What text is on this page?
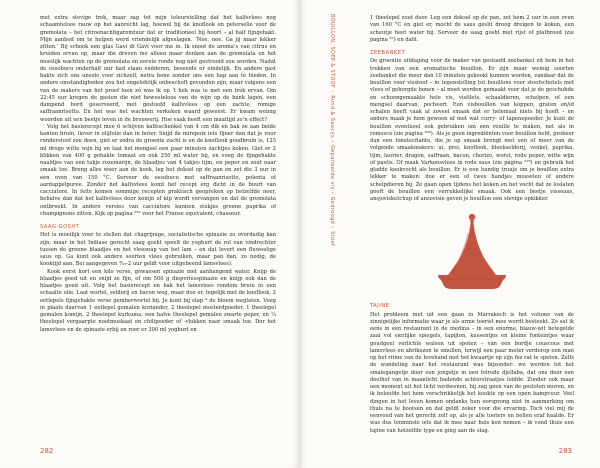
met extra stevige trek, maar zag tot mijn teleurstelling dat het kalfsvlees nog schaamteloos rauw op het aanrecht lag, hoewel bij de knoflook en peterselie voor de gremolata – het citroenachtigaromtuur dat er traditioneel bij hoort – al half fijngehakt. Mijn aanbod om te helpen werd vriendelijk afgeslagen. ‘Nee, nee. Ga jij maar lekker zitten.’ Bij schook een glas Gavi di Gavi voor me in. Ik snoof de aroma’s van citrus en kruiden ervan op, maar die dreven me alleen maar denken aan de gremolata en het moeilijk wachten op de gremolata en eerste ronde nog niet gestrooid zou worden. Nadat de ossobuco onderhalf uur had staan sudderen, beseeide er eindelijk. En andere gast bakte zich ons unsolo voor zichzelf, netra bone zonder ons een hap aan te bieden. In andere omstandigheden zou het ongelofelijk onbeschoft gevonden zijn, maar volgens een van de makers van het proef loen zó was ik op ‘t hek was ie met een trek ervan. Om 22:45 uur kregen de gasten die niet bewusteloos van de wijn op de bank lagen, een dampend bord geserveerd, met gestoofd kalfsvlees op een zachte, romige saffraanrisotto. En het was het wachten verkeken waard geweest. Er kwam weinig woorden uit een beetje leven in de brouwerij. Hoe vaak heeft een maaltijd zo’n effect?

Volg het basisrecept mee 6 schijven kalfsschenkel van 4 cm dik en bak ze aan beide kanten bruin, liever in olijfolie dan in boter. Snijd de mirepoix iets fijner dan dat je voor runderstoof zou doen, giet er zodra de groente zacht is en de knoflook goudbruin is, 125 ml droge witte wijn bij en laat het mengsel een paar minuten zachtjes koken. Giet er 2 blikken van 400 g gehakte tomaat en ook 250 ml water bij, en voeg de fijngehakte naaldjes van een takje rozemarijn, de blaadjes van 4 takjes tijm, en peper en zout naar smaak toe. Breng alles weer aan de kook, leg het deksel op de pan en zet die 3 uur in een oven van 150 °C. Serveer de ossobuco met saffraanrisotto, polenta of aardappelpuree. Zonder het kalfsvlees komt het recept erg dicht in de buurt van cacciatore. In feite komen sommige recepten praktisch geopreken op hetzelfde neer, behalve dan dat het kalfsvlees door konijn of kip wordt vervangen en dat de gremolata ontbreekt. In andere versies van cacciatore kunnen stukjes groene paprika of champignons zitten. Kijk op pagina ²⁵² voor het Franse equivalent, chasseur.

SAAG GOSHT

Het is moeilijk voor te stellen dat chagrijnige, socialistische spinazie zo overdadig kan zijn, maar in het Indiase gerecht saag gosht speelt de yoghurt de rol van vindrechter tussen de groene blaadjes en het vleesnap van het lam – en dat levert een fluweelige saus op. Ga kunt ook andere soorten vlees gebruiken, maar pan dan, zo nodig, de kooktijd aan. Bei aangegeven ³⁄₁₅-2 uur geldt voor uitgebeend lamsvlees).

Kook eerst kort een kilo verse, gewassen spinazie met aanhangend water. Knijp de blaadjes goed uit en snijd ze fijn, of om 500 g diepvriesspinazie en knijp ook dan de blaadjes goed uit. Volg het basisrecept en bak het lamsvlees rondom bruin in een schaalte olie. Laat wortel, selderij en bacon weg, maar doe er, tegelijk met de knoflook, 2 eetlepels fijngehakte verse gemberwortel bij. Je kunt bij stap ³ de bloem weglaten. Voeg in plaats daarvan 1 eetlepel gemalen koriander, 2 theelepel mosterdpoeder, 1 theelepel gemalen komijn, 2 theelepel kurkuma, een halve theelepel gemalen zwarte peper, en ¼ theelepel vergaarpte nootmuskaat en chilipoeder of -vlokken naar smaak toe. Dor het lamsvlees en de spinazie erbij en roer er 300 ml yoghurt en

282

1 theelepel zout door. Leg een deksel op de pan, zet hem 2 uur in een oven van 160 °C en giet er, mocht de saus geslit droog dreigen te koken, een scheutje heet water bij. Serveer de saag gosht met rijst of platbrood (zie pagina ⁵⁷) en dahl.

ZEEBANKET

De groentie uitdaging voor de maker van gestoofd zeebanket zit hem in het trekken van een aromatische bouillon. Er zijn maar weinig soorten zeebanket die meer dan 10 minuten gekookt kunnen worden, vandaar dat de bouillon voor visstoof – in tegenstelling tot bouillons voor stoofschotels met vlees of gehorgde bonen – al moet worden gemaakt voor dat je de geschubde en schoongemaakte hele vis, visfilets, schaaldieren, schelpen, of een mengsel daarvan, pocheert. Een visbouillon van koppen, graten en/of schalen heeft vaak al zoveel smaak dat er helemaal niets bij hoeft – en anders maak je hem gewoon af met wat curry- of tapenepoeder. Je kunt de bouillon eventueel ook gebruiken om een rouille te maken, net als in romesco (zie pagina ²⁸³). Als je geen ingrediënten voor bouillon hebt, probeer dan een fonetecfiante, die je op smaak brengt met een of meer van de volgende smaakmakers: ui, prei, knoflook, bleekselderij, venkel, paprika, tijm, laurier, dragon, saffraan, bacon, chorizo, worst, rode peper, witte wijn of pastis. Of maak Varkensvlees in rode saus (zie pagina ²¹⁸) en gebruik het gladde kookvocht als bouillon. Er is een handig truuje om je bouillon extra lekker te maken: doe er een of twee handjes mosselen of andere schelpdieren bij. Ze gaan open tijdens het koken en het vocht dat ze loslaten geeft de bouillon een verrukkelijke smaak. Ook een beetje visseaus, ansjovisketchup of ansovisie geven je bouillon een stevige opkikker.

TAJINE

Het probleem met uit een gaan in Marrakech is het volume van de zinnigelijke informatie waar je als arme toerist mee wordt bestookt. Zo sat ik eens in een restaurant in de medina – in een enorme, blauw-wit betegelde zaal vol sierlijke spiegels, tapijten, kussentjes en kleine fonteintjes waar goudgeel verlichte walsen uit spoten – van een bordje couscous met lamsvlees en abrikozen te smullen, terwijl een paar meter verderop een man op het ritme van de Ievehand met het kwaartje op zijn fez rat te speten. Zelfs de wandeling naar het restaurant was bijzonder: we werden tot het smalegangetje door een jongetje in een felrode djellaba, dat ons door een doolhof van in maanlicht badende achterstraatjes leidde. Zonder ook maar een moment uit het licht verdwenen, hij zag geen van de gesloten muren, en ik beloofde het hem verschrikkelijk het kookte op een open kampvuur. Veel dingen in het leven komen ondanks hun oorsprong niet in aanmerking om thuis na te bootsen en dat geldt zeker voor die ervaring. Toch viel mij de eenvoud van het gerecht zelf op, als je alle toeters en bellen eraf haalde. Er was dus tenminste iets dat ik mee naar huis kon nemen – ik vond thuis een tajine van hetzelfde type en ging aan de slag.

283
BOUILLON, SOEP & STOOF – Rund & Saucijs – Gepaneerde vis – Gedroogd – Stoof
